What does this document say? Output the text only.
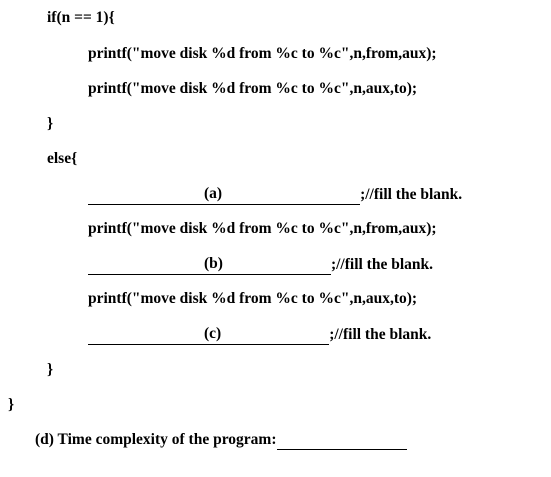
if(n == 1){
printf("move disk %d from %c to %c",n,from,aux);
printf("move disk %d from %c to %c",n,aux,to);
}
else{
(a)	;//fill the blank.
printf("move disk %d from %c to %c",n,from,aux);
(b)	;//fill the blank.
printf("move disk %d from %c to %c",n,aux,to);
(c)	;//fill the blank.
}
}
(d) Time complexity of the program:
